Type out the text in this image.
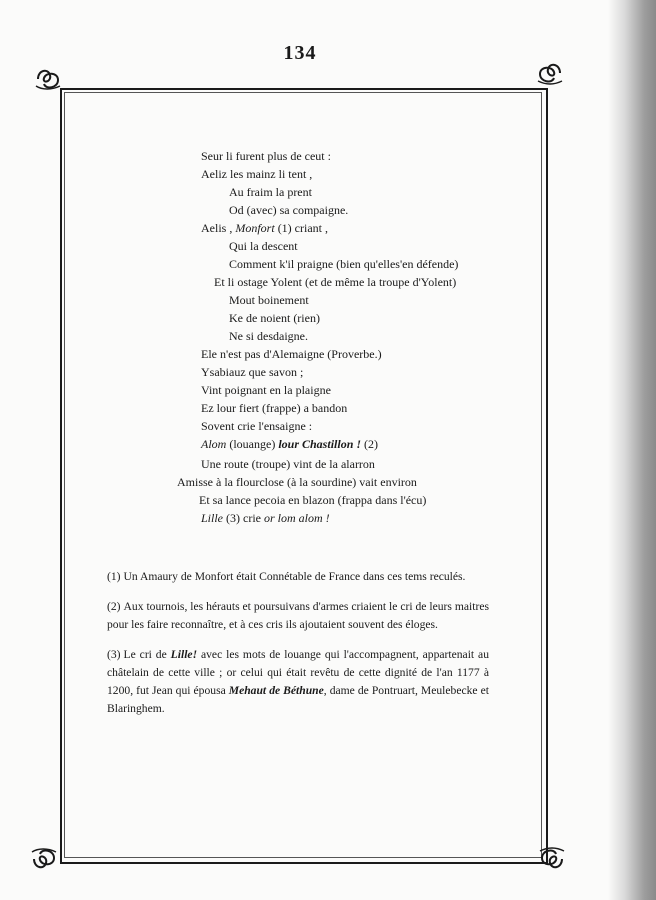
134
Seur li furent plus de ceut :
Aeliz les mainz li tent ,
Au fraim la prent
Od (avec) sa compaigne.
Aelis , Monfort (1) criant ,
Qui la descent
Comment k'il praigne (bien qu'elles'en défende)
Et li ostage Yolent (et de même la troupe d'Yolent)
Mout boinement
Ke de noient (rien)
Ne si desdaigne.
Ele n'est pas d'Alemaigne (Proverbe.)
Ysabiauz que savon ;
Vint poignant en la plaigne
Ez lour fiert (frappe) a bandon
Sovent crie l'ensaigne :
Alom (louange) lour Chastillon ! (2)
Une route (troupe) vint de la alarron
Amisse à la flourclose (à la sourdine) vait environ
Et sa lance pecoia en blazon (frappa dans l'écu)
Lille (3) crie or lom alom !

(1) Un Amaury de Monfort était Connétable de France dans ces tems reculés.

(2) Aux tournois, les hérauts et poursuivans d'armes criaient le cri de leurs maitres pour les faire reconnaître, et à ces cris ils ajoutaient souvent des éloges.

(3) Le cri de Lille! avec les mots de louange qui l'accompagnent, appartenait au châtelain de cette ville ; or celui qui était revêtu de cette dignité de l'an 1177 à 1200, fut Jean qui épousa Mehaut de Béthune, dame de Pontruart, Meulebecke et Blaringhem.
